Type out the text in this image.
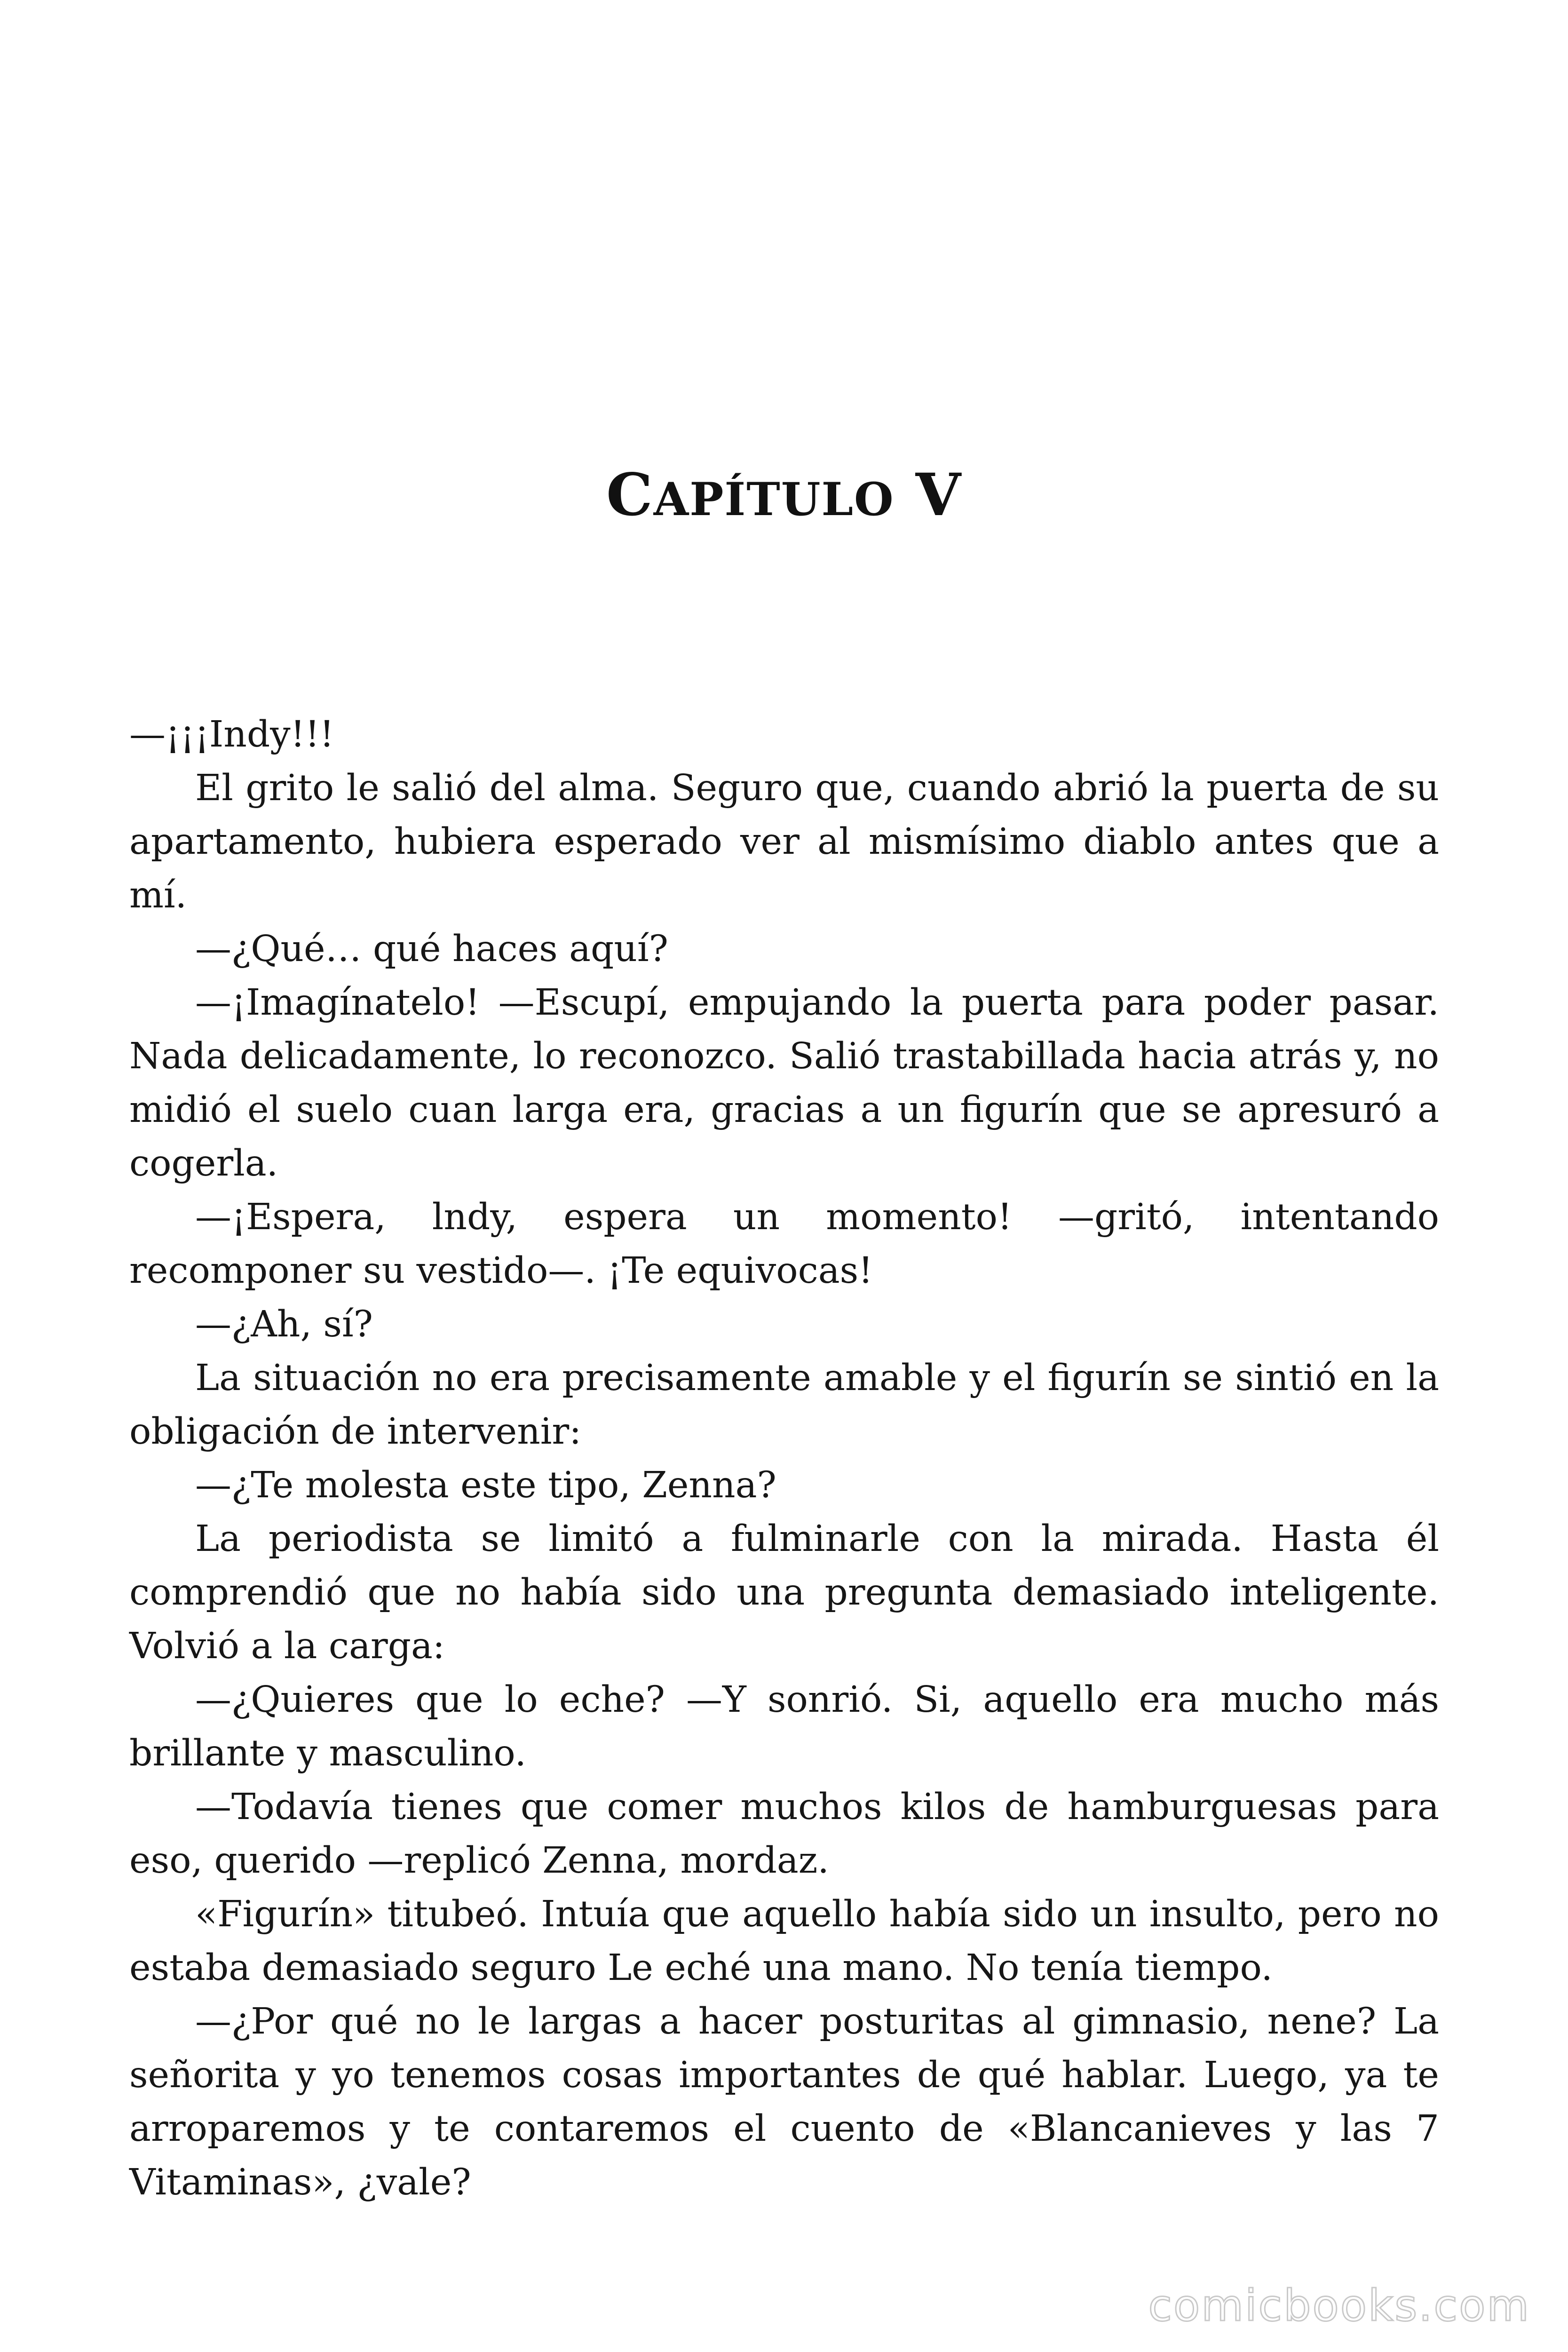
CAPÍTULO V

—¡¡¡Indy!!!

El grito le salió del alma. Seguro que, cuando abrió la puerta de su apartamento, hubiera esperado ver al mismísimo diablo antes que a mí.

—¿Qué… qué haces aquí?

—¡Imagínatelo! —Escupí, empujando la puerta para poder pasar. Nada delicadamente, lo reconozco. Salió trastabillada hacia atrás y, no midió el suelo cuan larga era, gracias a un figurín que se apresuró a cogerla.

—¡Espera, lndy, espera un momento! —gritó, intentando recomponer su vestido—. ¡Te equivocas!

—¿Ah, sí?

La situación no era precisamente amable y el figurín se sintió en la obligación de intervenir:

—¿Te molesta este tipo, Zenna?

La periodista se limitó a fulminarle con la mirada. Hasta él comprendió que no había sido una pregunta demasiado inteligente. Volvió a la carga:

—¿Quieres que lo eche? —Y sonrió. Si, aquello era mucho más brillante y masculino.

—Todavía tienes que comer muchos kilos de hamburguesas para eso, querido —replicó Zenna, mordaz.

«Figurín» titubeó. Intuía que aquello había sido un insulto, pero no estaba demasiado seguro Le eché una mano. No tenía tiempo.

—¿Por qué no le largas a hacer posturitas al gimnasio, nene? La señorita y yo tenemos cosas importantes de qué hablar. Luego, ya te arroparemos y te contaremos el cuento de «Blancanieves y las 7 Vitaminas», ¿vale?

comicbooks.com
